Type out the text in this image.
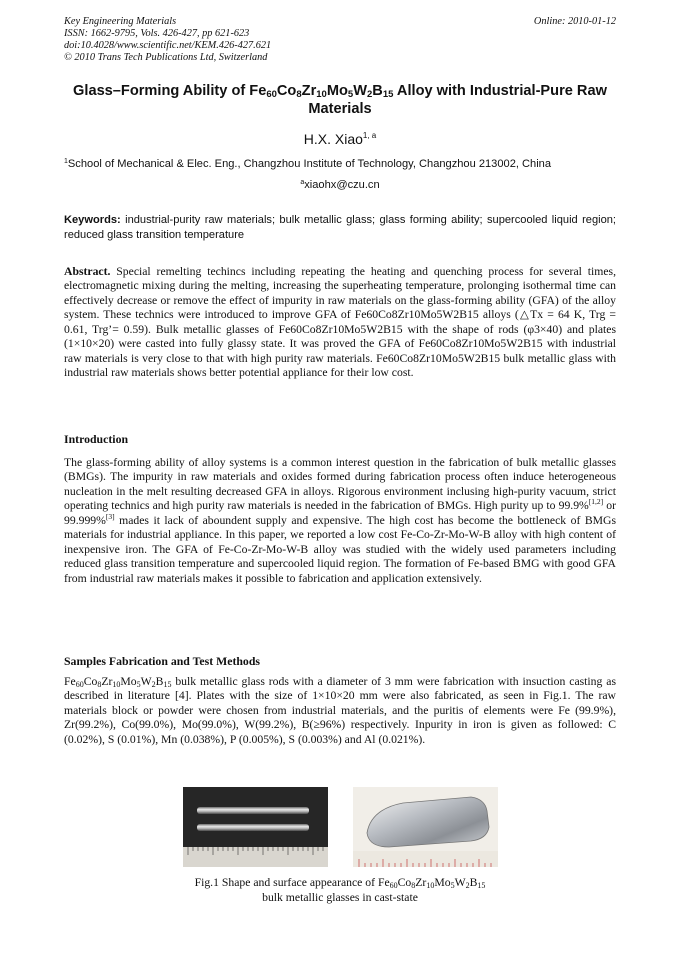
Key Engineering Materials
ISSN: 1662-9795, Vols. 426-427, pp 621-623
doi:10.4028/www.scientific.net/KEM.426-427.621
© 2010 Trans Tech Publications Ltd, Switzerland
Online: 2010-01-12
Glass–Forming Ability of $Fe_{60}Co_8Zr_{10}Mo_5W_2B_{15}$ Alloy with Industrial-Pure Raw Materials
H.X. Xiao$^{1, a}$
$^1$School of Mechanical & Elec. Eng., Changzhou Institute of Technology, Changzhou 213002, China
$^a$xiaohx@czu.cn
Keywords: industrial-purity raw materials; bulk metallic glass; glass forming ability; supercooled liquid region; reduced glass transition temperature
Abstract. Special remelting techincs including repeating the heating and quenching process for several times, electromagnetic mixing during the melting, increasing the superheating temperature, prolonging isothermal time can effectively decrease or remove the effect of impurity in raw materials on the glass-forming ability (GFA) of the alloy system. These technics were introduced to improve GFA of Fe60Co8Zr10Mo5W2B15 alloys (△Tx = 64 K, Trg = 0.61, Trg’= 0.59). Bulk metallic glasses of Fe60Co8Zr10Mo5W2B15 with the shape of rods (φ3×40) and plates (1×10×20) were casted into fully glassy state. It was proved the GFA of Fe60Co8Zr10Mo5W2B15 with industrial raw materials is very close to that with high purity raw materials. Fe60Co8Zr10Mo5W2B15 bulk metallic glass with industrial raw materials shows better potential appliance for their low cost.
Introduction
The glass-forming ability of alloy systems is a common interest question in the fabrication of bulk metallic glasses (BMGs). The impurity in raw materials and oxides formed during fabrication process often induce heterogeneous nucleation in the melt resulting decreased GFA in alloys. Rigorous environment inclusing high-purity vacuum, strict operating technics and high purity raw materials is needed in the fabrication of BMGs. High purity up to 99.9%[1,2] or 99.999%[3] mades it lack of aboundent supply and expensive. The high cost has become the bottleneck of BMGs materials for industrial appliance. In this paper, we reported a low cost Fe-Co-Zr-Mo-W-B alloy with high content of inexpensive iron. The GFA of Fe-Co-Zr-Mo-W-B alloy was studied with the widely used parameters including reduced glass transition temperature and supercooled liquid region. The formation of Fe-based BMG with good GFA from industrial raw materials makes it possible to fabrication and application extensively.
Samples Fabrication and Test Methods
$Fe_{60}Co_8Zr_{10}Mo_5W_2B_{15}$ bulk metallic glass rods with a diameter of 3 mm were fabrication with insuction casting as described in literature [4]. Plates with the size of 1×10×20 mm were also fabricated, as seen in Fig.1. The raw materials block or powder were chosen from industrial materials, and the puritis of elements were Fe (99.9%), Zr(99.2%), Co(99.0%), Mo(99.0%), W(99.2%), B(≥96%) respectively. Inpurity in iron is given as followed: C (0.02%), S (0.01%), Mn (0.038%), P (0.005%), S (0.003%) and Al (0.021%).
Fig.1 Shape and surface appearance of $Fe_{60}Co_8Zr_{10}Mo_5W_2B_{15}$
bulk metallic glasses in cast-state
